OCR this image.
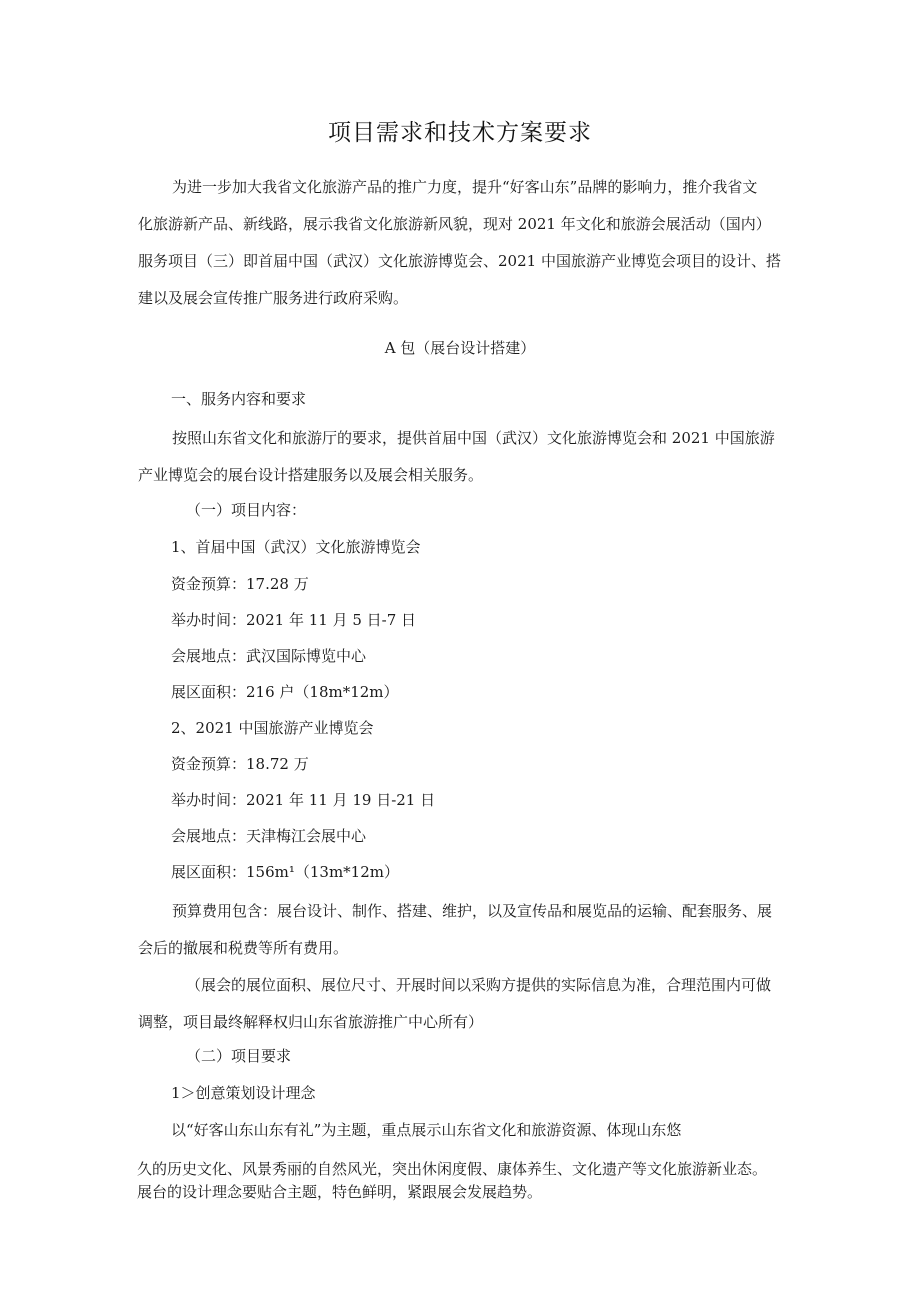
项目需求和技术方案要求
为进一步加大我省文化旅游产品的推广力度，提升“好客山东”品牌的影响力，推介我省文
化旅游新产品、新线路，展示我省文化旅游新风貌，现对 2021 年文化和旅游会展活动（国内）
服务项目（三）即首届中国（武汉）文化旅游博览会、2021 中国旅游产业博览会项目的设计、搭
建以及展会宣传推广服务进行政府采购。
A 包（展台设计搭建）
一、服务内容和要求
按照山东省文化和旅游厅的要求，提供首届中国（武汉）文化旅游博览会和 2021 中国旅游
产业博览会的展台设计搭建服务以及展会相关服务。
（一）项目内容：
1、首届中国（武汉）文化旅游博览会
资金预算：17.28 万
举办时间：2021 年 11 月 5 日-7 日
会展地点：武汉国际博览中心
展区面积：216 户（18m*12m）
2、2021 中国旅游产业博览会
资金预算：18.72 万
举办时间：2021 年 11 月 19 日-21 日
会展地点：天津梅江会展中心
展区面积：156m¹（13m*12m）
预算费用包含：展台设计、制作、搭建、维护，以及宣传品和展览品的运输、配套服务、展
会后的撤展和税费等所有费用。
（展会的展位面积、展位尺寸、开展时间以采购方提供的实际信息为准，合理范围内可做
调整，项目最终解释权归山东省旅游推广中心所有）
（二）项目要求
1＞创意策划设计理念
以“好客山东山东有礼”为主题，重点展示山东省文化和旅游资源、体现山东悠
久的历史文化、风景秀丽的自然风光，突出休闲度假、康体养生、文化遗产等文化旅游新业态。
展台的设计理念要贴合主题，特色鲜明，紧跟展会发展趋势。
